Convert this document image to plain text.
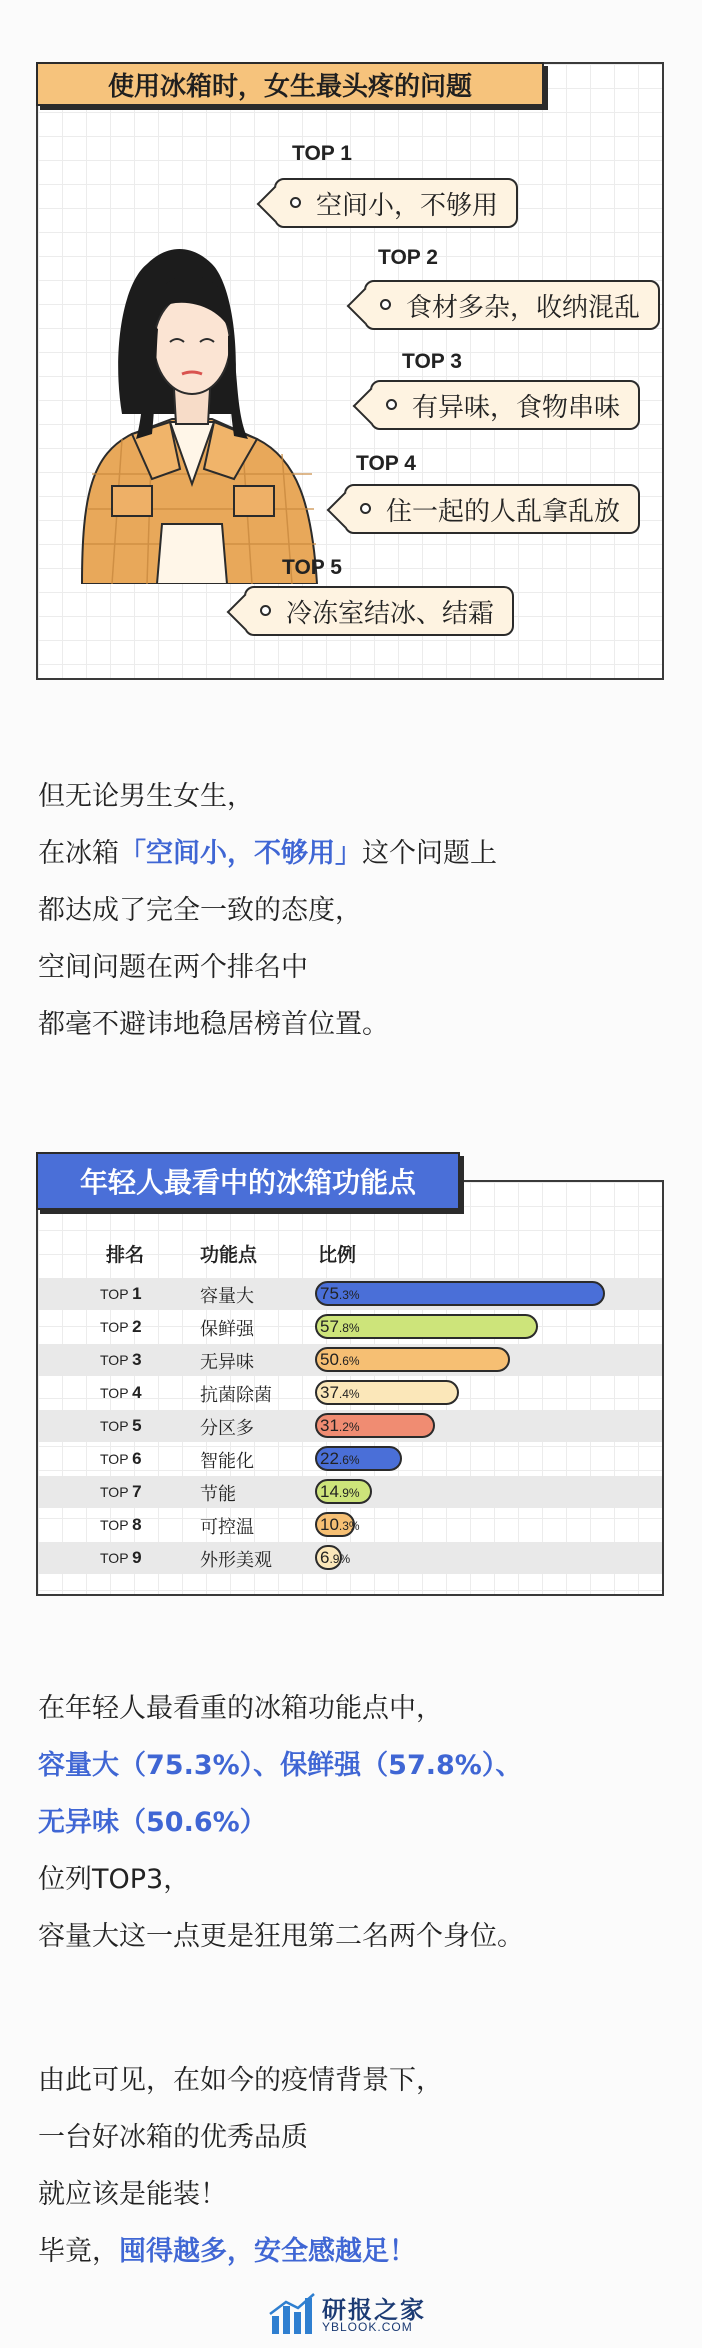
使用冰箱时，女生最头疼的问题
TOP 1
空间小，不够用
TOP 2
食材多杂，收纳混乱
TOP 3
有异味，食物串味
TOP 4
住一起的人乱拿乱放
TOP 5
冷冻室结冰、结霜
但无论男生女生，
在冰箱「空间小，不够用」这个问题上
都达成了完全一致的态度，
空间问题在两个排名中
都毫不避讳地稳居榜首位置。
年轻人最看中的冰箱功能点
排名	功能点	比例
TOP 1	容量大	75.3%
TOP 2	保鲜强	57.8%
TOP 3	无异味	50.6%
TOP 4	抗菌除菌	37.4%
TOP 5	分区多	31.2%
TOP 6	智能化	22.6%
TOP 7	节能	14.9%
TOP 8	可控温	10.3%
TOP 9	外形美观	6.9%
在年轻人最看重的冰箱功能点中，
容量大（75.3%）、保鲜强（57.8%）、
无异味（50.6%）
位列TOP3，
容量大这一点更是狂甩第二名两个身位。
由此可见，在如今的疫情背景下，
一台好冰箱的优秀品质
就应该是能装！
毕竟，囤得越多，安全感越足！
研报之家
YBLOOK.COM
